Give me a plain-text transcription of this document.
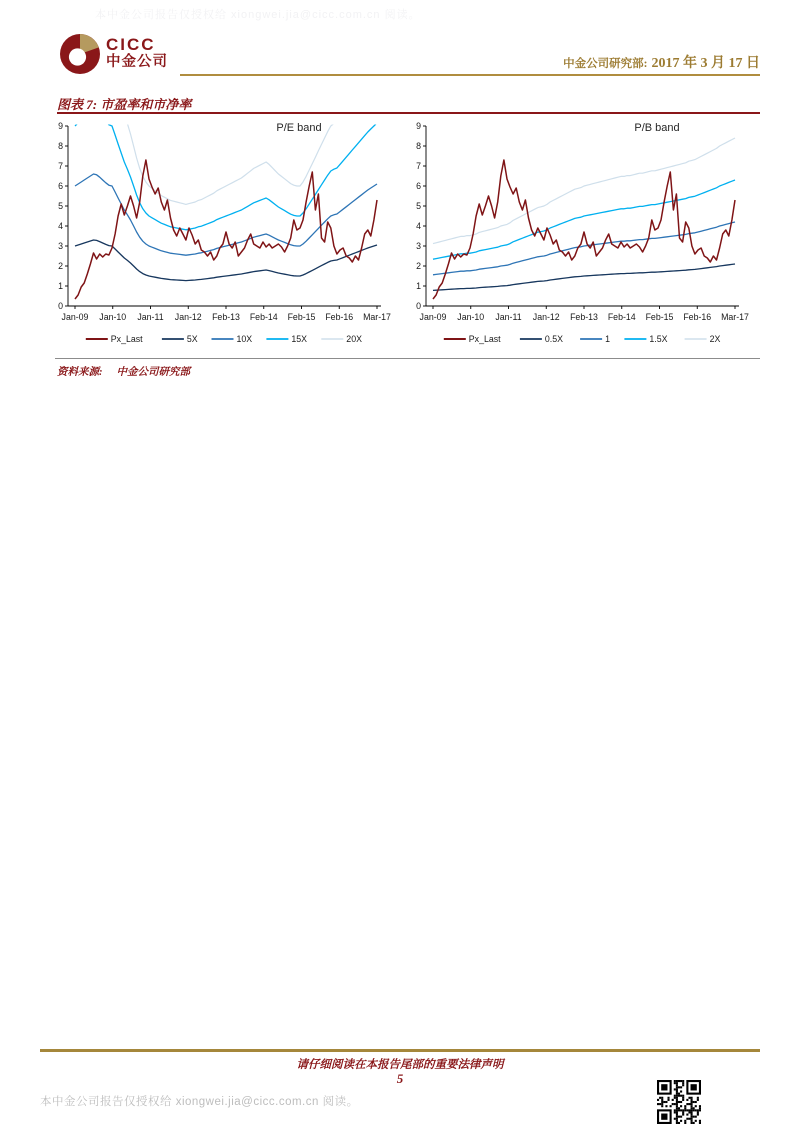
本中金公司报告仅授权给 xiongwei.jia@cicc.com.cn 阅读。
CICC
中金公司	中金公司研究部: 2017 年 3 月 17 日
图表 7: 市盈率和市净率
P/E band
0
1
2
3
4
5
6
7
8
9
Jan-09 Jan-10 Jan-11 Jan-12 Feb-13 Feb-14 Feb-15 Feb-16 Mar-17
Px_Last	5X	10X	15X	20X
P/B band
0
1
2
3
4
5
6
7
8
9
Jan-09 Jan-10 Jan-11 Jan-12 Feb-13 Feb-14 Feb-15 Feb-16 Mar-17
Px_Last	0.5X	1	1.5X	2X
资料来源: 中金公司研究部
请仔细阅读在本报告尾部的重要法律声明
5
本中金公司报告仅授权给 xiongwei.jia@cicc.com.cn 阅读。
